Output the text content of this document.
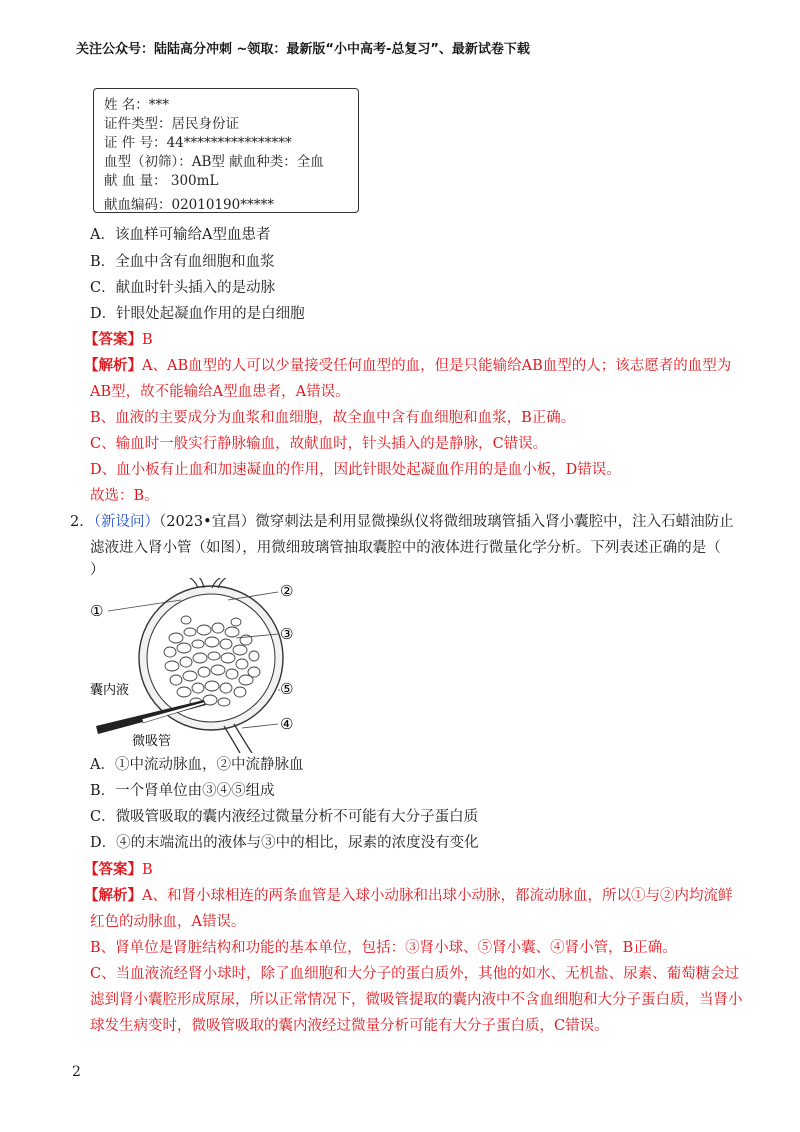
关注公众号：陆陆高分冲刺 ~领取：最新版“小中高考-总复习”、最新试卷下载
姓 名：***
证件类型：居民身份证
证 件 号：44****************
血型（初筛）：AB型 献血种类：全血
献 血 量： 300mL
献血编码：02010190*****
A．该血样可输给A型血患者
B．全血中含有血细胞和血浆
C．献血时针头插入的是动脉
D．针眼处起凝血作用的是白细胞
【答案】B
【解析】A、AB血型的人可以少量接受任何血型的血，但是只能输给AB血型的人；该志愿者的血型为
AB型，故不能输给A型血患者，A错误。
B、血液的主要成分为血浆和血细胞，故全血中含有血细胞和血浆，B正确。
C、输血时一般实行静脉输血，故献血时，针头插入的是静脉，C错误。
D、血小板有止血和加速凝血的作用，因此针眼处起凝血作用的是血小板，D错误。
故选：B。
2．（新设问）（2023•宜昌）微穿刺法是利用显微操纵仪将微细玻璃管插入肾小囊腔中，注入石蜡油防止
滤液进入肾小管（如图），用微细玻璃管抽取囊腔中的液体进行微量化学分析。下列表述正确的是（
）
①
②
③
⑤
④
囊内液
微吸管
A．①中流动脉血，②中流静脉血
B．一个肾单位由③④⑤组成
C．微吸管吸取的囊内液经过微量分析不可能有大分子蛋白质
D．④的末端流出的液体与③中的相比，尿素的浓度没有变化
【答案】B
【解析】A、和肾小球相连的两条血管是入球小动脉和出球小动脉，都流动脉血，所以①与②内均流鲜
红色的动脉血，A错误。
B、肾单位是肾脏结构和功能的基本单位，包括：③肾小球、⑤肾小囊、④肾小管，B正确。
C、当血液流经肾小球时，除了血细胞和大分子的蛋白质外，其他的如水、无机盐、尿素、葡萄糖会过
滤到肾小囊腔形成原尿，所以正常情况下，微吸管提取的囊内液中不含血细胞和大分子蛋白质，当肾小
球发生病变时，微吸管吸取的囊内液经过微量分析可能有大分子蛋白质，C错误。
2
